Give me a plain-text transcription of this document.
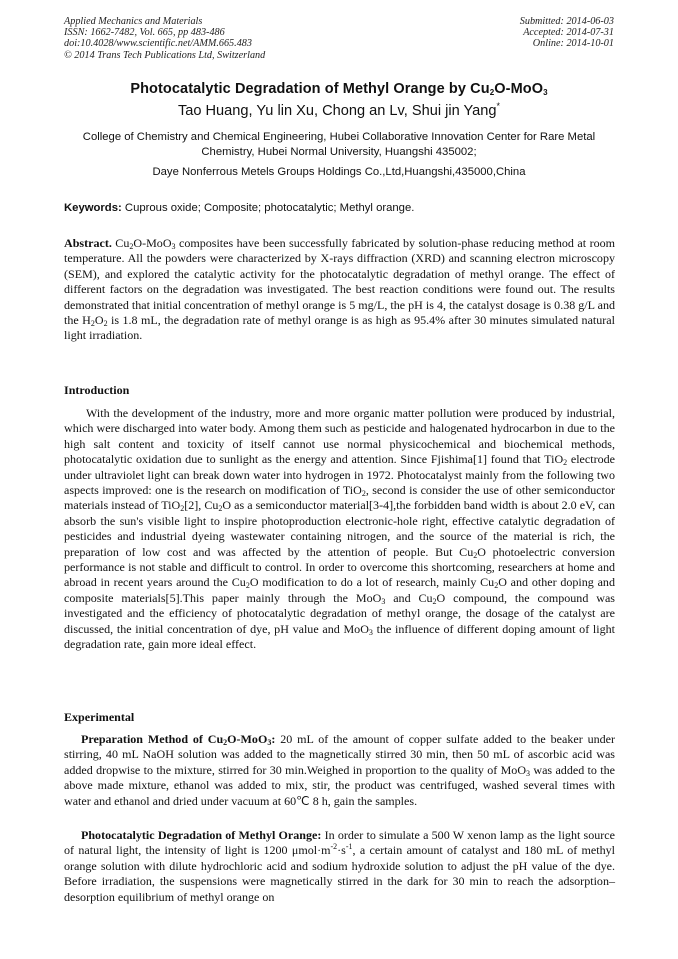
Applied Mechanics and Materials
ISSN: 1662-7482, Vol. 665, pp 483-486
doi:10.4028/www.scientific.net/AMM.665.483
© 2014 Trans Tech Publications Ltd, Switzerland
Submitted: 2014-06-03
Accepted: 2014-07-31
Online: 2014-10-01
Photocatalytic Degradation of Methyl Orange by $Cu_2O-MoO_3$
Tao Huang, Yu lin Xu, Chong an Lv, Shui jin Yang*
College of Chemistry and Chemical Engineering, Hubei Collaborative Innovation Center for Rare Metal Chemistry, Hubei Normal University, Huangshi 435002;
Daye Nonferrous Metels Groups Holdings Co.,Ltd,Huangshi,435000,China
Keywords: Cuprous oxide; Composite; photocatalytic; Methyl orange.
Abstract. $Cu_2O-MoO_3$ composites have been successfully fabricated by solution-phase reducing method at room temperature. All the powders were characterized by X-rays diffraction (XRD) and scanning electron microscopy (SEM), and explored the catalytic activity for the photocatalytic degradation of methyl orange. The effect of different factors on the degradation was investigated. The best reaction conditions were found out. The results demonstrated that initial concentration of methyl orange is 5 mg/L, the pH is 4, the catalyst dosage is 0.38 g/L and the $H_2O_2$ is 1.8 mL, the degradation rate of methyl orange is as high as 95.4% after 30 minutes simulated natural light irradiation.
Introduction
With the development of the industry, more and more organic matter pollution were produced by industrial, which were discharged into water body. Among them such as pesticide and halogenated hydrocarbon in due to the high salt content and toxicity of itself cannot use normal physicochemical and biochemical methods, photocatalytic oxidation due to sunlight as the energy and attention. Since Fjishima[1] found that TiO$_2$ electrode under ultraviolet light can break down water into hydrogen in 1972. Photocatalyst mainly from the following two aspects improved: one is the research on modification of TiO$_2$, second is consider the use of other semiconductor materials instead of TiO$_2$[2], $Cu_2O$ as a semiconductor material[3-4],the forbidden band width is about 2.0 eV, can absorb the sun's visible light to inspire photoproduction electronic-hole right, effective catalytic degradation of pesticides and industrial dyeing wastewater containing nitrogen, and the source of the material is rich, the preparation of low cost and was affected by the attention of people. But $Cu_2O$ photoelectric conversion performance is not stable and difficult to control. In order to overcome this shortcoming, researchers at home and abroad in recent years around the $Cu_2O$ modification to do a lot of research, mainly $Cu_2O$ and other doping and composite materials[5].This paper mainly through the MoO$_3$ and $Cu_2O$ compound, the compound was investigated and the efficiency of photocatalytic degradation of methyl orange, the dosage of the catalyst are discussed, the initial concentration of dye, pH value and MoO$_3$ the influence of different doping amount of light degradation rate, gain more ideal effect.
Experimental
Preparation Method of $Cu_2O-MoO_3$: 20 mL of the amount of copper sulfate added to the beaker under stirring, 40 mL NaOH solution was added to the magnetically stirred 30 min, then 50 mL of ascorbic acid was added dropwise to the mixture, stirred for 30 min.Weighed in proportion to the quality of MoO$_3$ was added to the above made mixture, ethanol was added to mix, stir, the product was centrifuged, washed several times with water and ethanol and dried under vacuum at 60℃ 8 h, gain the samples.
Photocatalytic Degradation of Methyl Orange: In order to simulate a 500 W xenon lamp as the light source of natural light, the intensity of light is 1200 $\mu mol\cdot m^{-2}\cdot s^{-1}$, a certain amount of catalyst and 180 mL of methyl orange solution with dilute hydrochloric acid and sodium hydroxide solution to adjust the pH value of the dye. Before irradiation, the suspensions were magnetically stirred in the dark for 30 min to reach the adsorption–desorption equilibrium of methyl orange on
